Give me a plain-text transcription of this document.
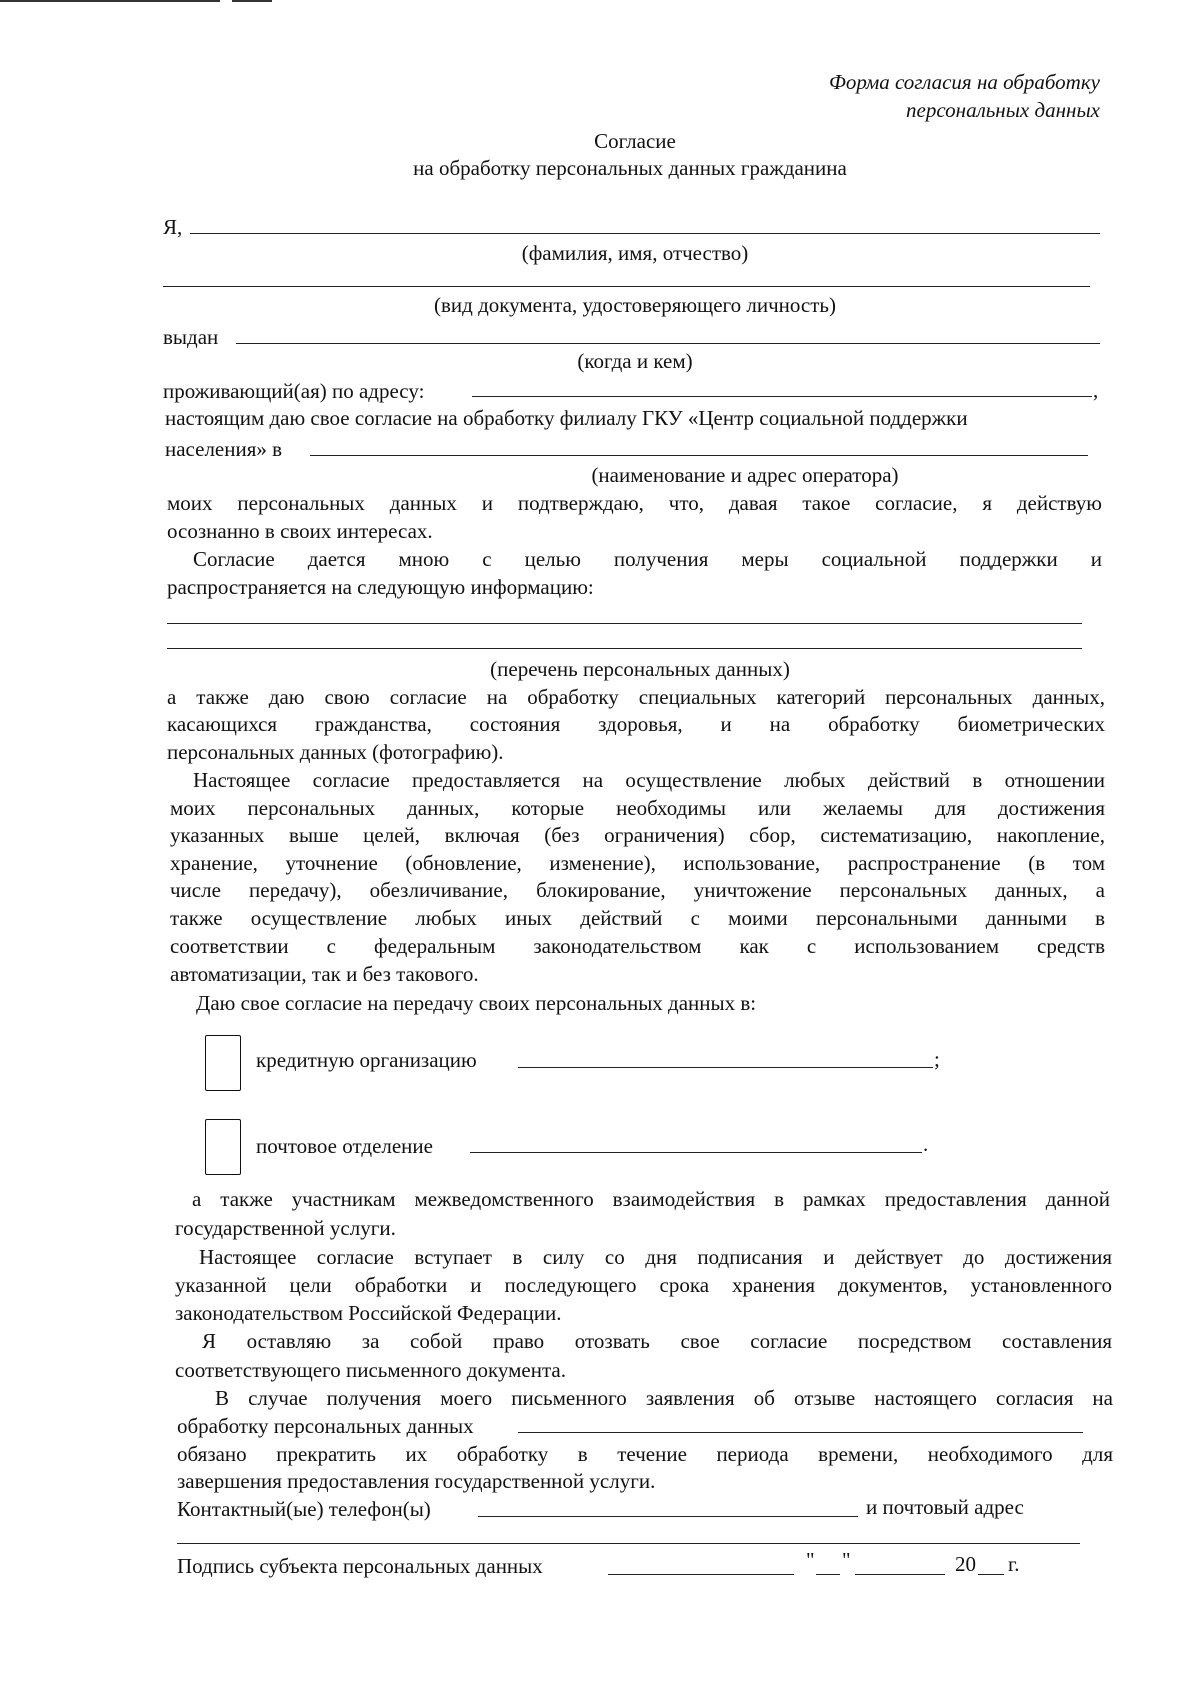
Форма согласия на обработку
персональных данных
Согласие
на обработку персональных данных гражданина
Я,
(фамилия, имя, отчество)
(вид документа, удостоверяющего личность)
выдан
(когда и кем)
проживающий(ая) по адресу:	,
настоящим даю свое согласие на обработку филиалу ГКУ «Центр социальной поддержки
населения» в
(наименование и адрес оператора)
моих персональных данных и подтверждаю, что, давая такое согласие, я действую
осознанно в своих интересах.
Согласие дается мною с целью получения меры социальной поддержки и
распространяется на следующую информацию:
(перечень персональных данных)
а также даю свою согласие на обработку специальных категорий персональных данных,
касающихся гражданства, состояния здоровья, и на обработку биометрических
персональных данных (фотографию).
Настоящее согласие предоставляется на осуществление любых действий в отношении
моих персональных данных, которые необходимы или желаемы для достижения
указанных выше целей, включая (без ограничения) сбор, систематизацию, накопление,
хранение, уточнение (обновление, изменение), использование, распространение (в том
числе передачу), обезличивание, блокирование, уничтожение персональных данных, а
также осуществление любых иных действий с моими персональными данными в
соответствии с федеральным законодательством как с использованием средств
автоматизации, так и без такового.
Даю свое согласие на передачу своих персональных данных в:
кредитную организацию	;
почтовое отделение	.
а также участникам межведомственного взаимодействия в рамках предоставления данной
государственной услуги.
Настоящее согласие вступает в силу со дня подписания и действует до достижения
указанной цели обработки и последующего срока хранения документов, установленного
законодательством Российской Федерации.
Я оставляю за собой право отозвать свое согласие посредством составления
соответствующего письменного документа.
В случае получения моего письменного заявления об отзыве настоящего согласия на
обработку персональных данных
обязано прекратить их обработку в течение периода времени, необходимого для
завершения предоставления государственной услуги.
Контактный(ые) телефон(ы)	и почтовый адрес
Подпись субъекта персональных данных	" "	20 г.
